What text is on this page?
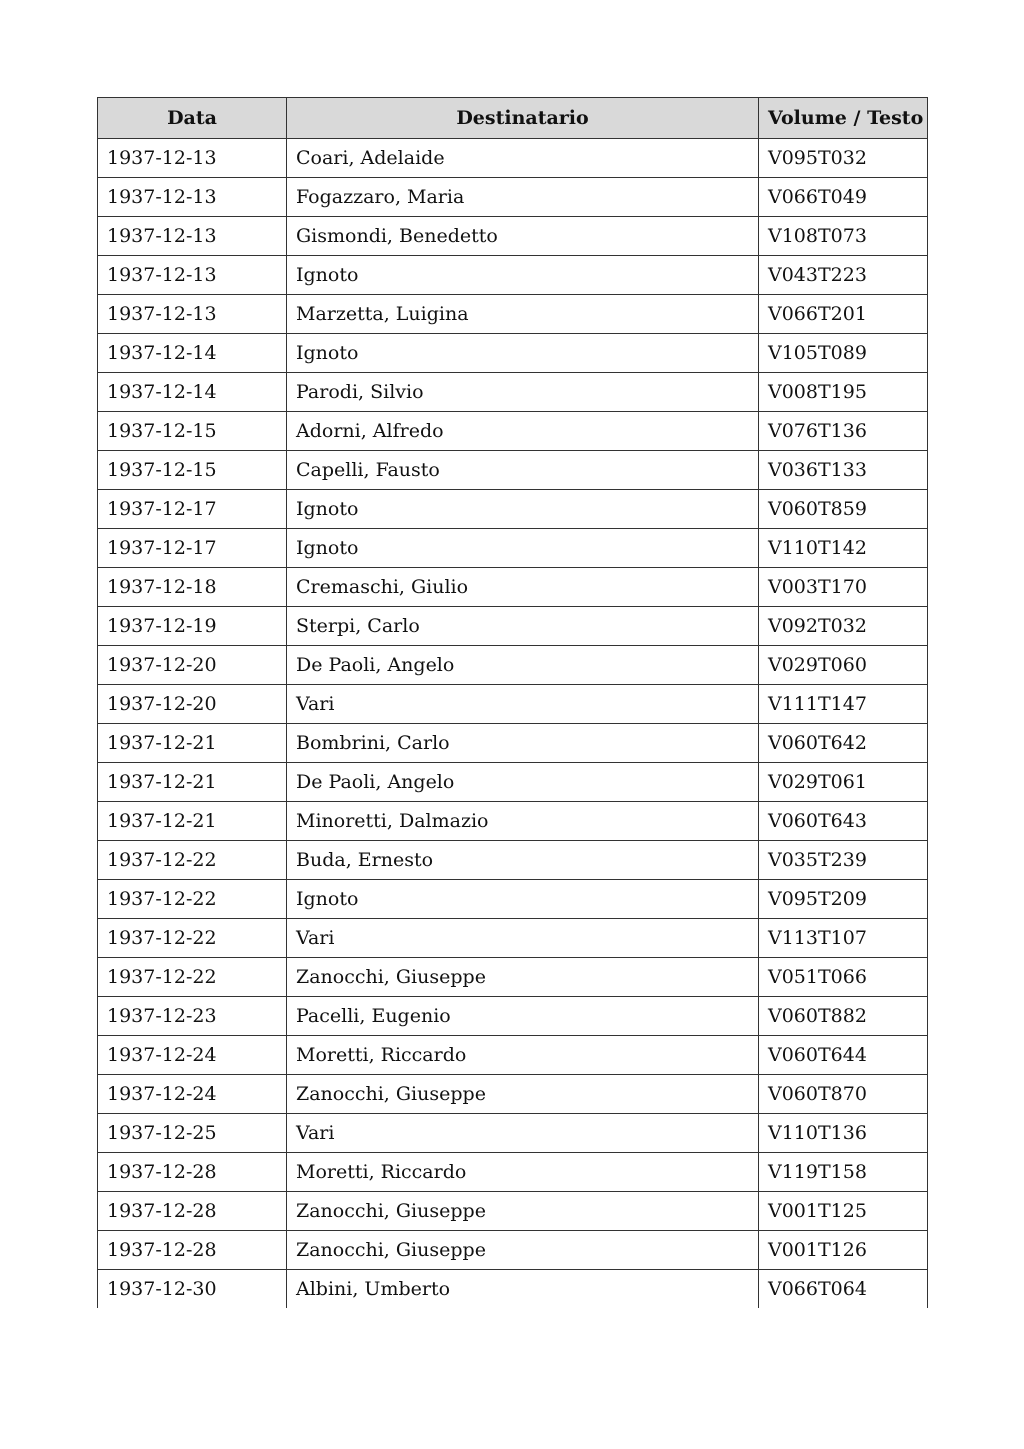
Data	Destinatario	Volume / Testo
1937-12-13	Coari, Adelaide	V095T032
1937-12-13	Fogazzaro, Maria	V066T049
1937-12-13	Gismondi, Benedetto	V108T073
1937-12-13	Ignoto	V043T223
1937-12-13	Marzetta, Luigina	V066T201
1937-12-14	Ignoto	V105T089
1937-12-14	Parodi, Silvio	V008T195
1937-12-15	Adorni, Alfredo	V076T136
1937-12-15	Capelli, Fausto	V036T133
1937-12-17	Ignoto	V060T859
1937-12-17	Ignoto	V110T142
1937-12-18	Cremaschi, Giulio	V003T170
1937-12-19	Sterpi, Carlo	V092T032
1937-12-20	De Paoli, Angelo	V029T060
1937-12-20	Vari	V111T147
1937-12-21	Bombrini, Carlo	V060T642
1937-12-21	De Paoli, Angelo	V029T061
1937-12-21	Minoretti, Dalmazio	V060T643
1937-12-22	Buda, Ernesto	V035T239
1937-12-22	Ignoto	V095T209
1937-12-22	Vari	V113T107
1937-12-22	Zanocchi, Giuseppe	V051T066
1937-12-23	Pacelli, Eugenio	V060T882
1937-12-24	Moretti, Riccardo	V060T644
1937-12-24	Zanocchi, Giuseppe	V060T870
1937-12-25	Vari	V110T136
1937-12-28	Moretti, Riccardo	V119T158
1937-12-28	Zanocchi, Giuseppe	V001T125
1937-12-28	Zanocchi, Giuseppe	V001T126
1937-12-30	Albini, Umberto	V066T064
